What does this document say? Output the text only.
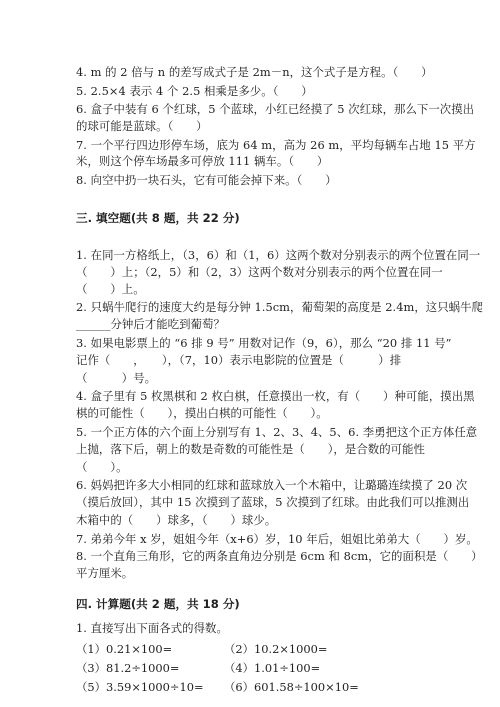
4. m 的 2 倍与 n 的差写成式子是 2m－n，这个式子是方程。（　　）
5. 2.5×4 表示 4 个 2.5 相乘是多少。（　　）
6. 盒子中装有 6 个红球，5 个蓝球，小红已经摸了 5 次红球，那么下一次摸出
的球可能是蓝球。（　　）
7. 一个平行四边形停车场，底为 64 m，高为 26 m，平均每辆车占地 15 平方
米，则这个停车场最多可停放 111 辆车。（　　）
8. 向空中扔一块石头，它有可能会掉下来。（　　）
三. 填空题(共 8 题，共 22 分)
1. 在同一方格纸上，（3，6）和（1，6）这两个数对分别表示的两个位置在同一
（　　）上；（2，5）和（2，3）这两个数对分别表示的两个位置在同一
（　　）上。
2. 只蜗牛爬行的速度大约是每分钟 1.5cm，葡萄架的高度是 2.4m，这只蜗牛爬
______分钟后才能吃到葡萄？
3. 如果电影票上的 “6 排 9 号” 用数对记作（9，6），那么 “20 排 11 号”
记作（　　，　　），（7，10）表示电影院的位置是（　　　）排
（　　　）号。
4. 盒子里有 5 枚黑棋和 2 枚白棋，任意摸出一枚，有（　　）种可能，摸出黑
棋的可能性（　　），摸出白棋的可能性（　　）。
5. 一个正方体的六个面上分别写有 1、2、3、4、5、6. 李勇把这个正方体任意
上抛，落下后，朝上的数是奇数的可能性是（　　），是合数的可能性
（　　）。
6. 妈妈把许多大小相同的红球和蓝球放入一个木箱中，让璐璐连续摸了 20 次
（摸后放回），其中 15 次摸到了蓝球，5 次摸到了红球。由此我们可以推测出
木箱中的（　　）球多，（　　）球少。
7. 弟弟今年 x 岁，姐姐今年（x+6）岁，10 年后，姐姐比弟弟大（　　）岁。
8. 一个直角三角形，它的两条直角边分别是 6cm 和 8cm，它的面积是（　　）
平方厘米。
四. 计算题(共 2 题，共 18 分)
1. 直接写出下面各式的得数。
（1）0.21×100=	（2）10.2×1000=
（3）81.2÷1000=	（4）1.01÷100=
（5）3.59×1000÷10= （6）601.58÷100×10=
